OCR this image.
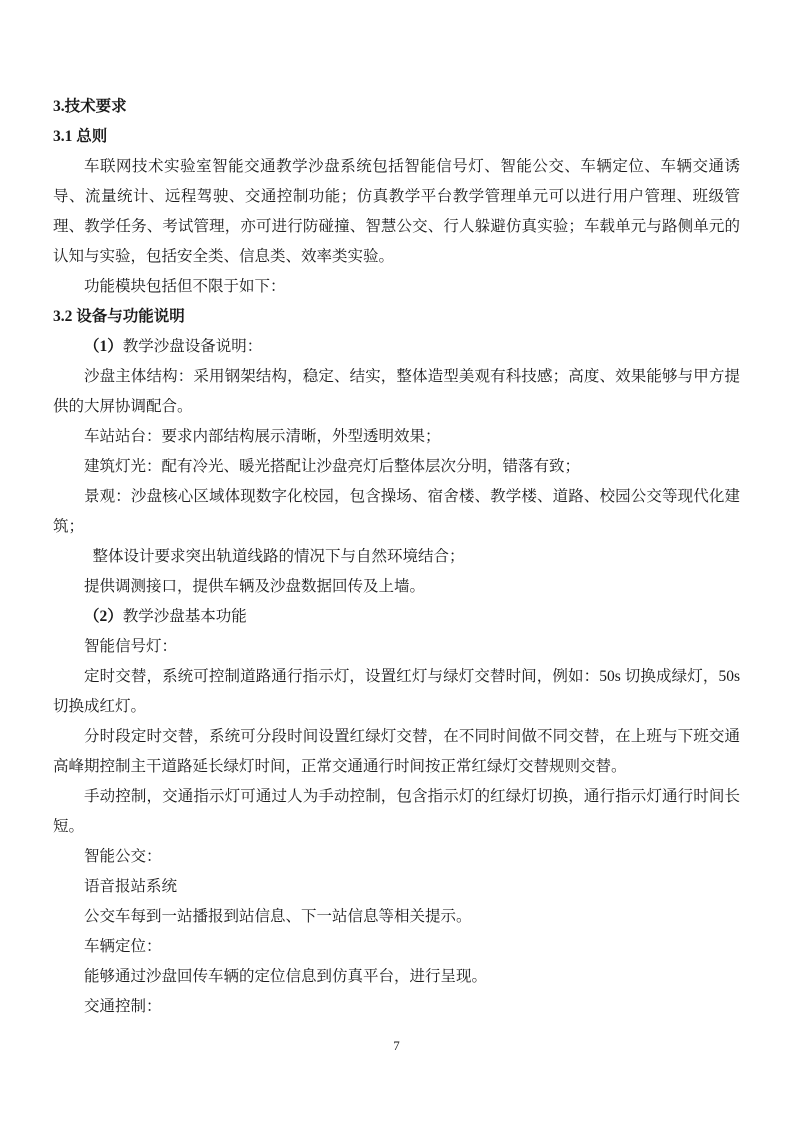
3.技术要求

3.1 总则

车联网技术实验室智能交通教学沙盘系统包括智能信号灯、智能公交、车辆定位、车辆交通诱导、流量统计、远程驾驶、交通控制功能；仿真教学平台教学管理单元可以进行用户管理、班级管理、教学任务、考试管理，亦可进行防碰撞、智慧公交、行人躲避仿真实验；车载单元与路侧单元的认知与实验，包括安全类、信息类、效率类实验。

功能模块包括但不限于如下：

3.2 设备与功能说明

（1）教学沙盘设备说明：

沙盘主体结构：采用钢架结构，稳定、结实，整体造型美观有科技感；高度、效果能够与甲方提供的大屏协调配合。

车站站台：要求内部结构展示清晰，外型透明效果；

建筑灯光：配有冷光、暖光搭配让沙盘亮灯后整体层次分明，错落有致；

景观：沙盘核心区域体现数字化校园，包含操场、宿舍楼、教学楼、道路、校园公交等现代化建筑；

整体设计要求突出轨道线路的情况下与自然环境结合；

提供调测接口，提供车辆及沙盘数据回传及上墙。

（2）教学沙盘基本功能

智能信号灯：

定时交替，系统可控制道路通行指示灯，设置红灯与绿灯交替时间，例如：50s 切换成绿灯，50s 切换成红灯。

分时段定时交替，系统可分段时间设置红绿灯交替，在不同时间做不同交替，在上班与下班交通高峰期控制主干道路延长绿灯时间，正常交通通行时间按正常红绿灯交替规则交替。

手动控制，交通指示灯可通过人为手动控制，包含指示灯的红绿灯切换，通行指示灯通行时间长短。

智能公交：

语音报站系统

公交车每到一站播报到站信息、下一站信息等相关提示。

车辆定位：

能够通过沙盘回传车辆的定位信息到仿真平台，进行呈现。

交通控制：

7
